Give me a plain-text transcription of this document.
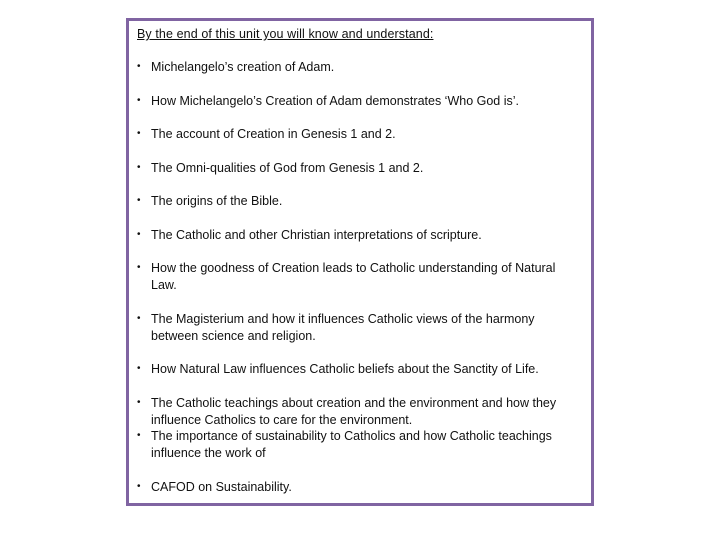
By the end of this unit you will know and understand:
• Michelangelo’s creation of Adam.
• How Michelangelo’s Creation of Adam demonstrates ‘Who God is’.
• The account of Creation in Genesis 1 and 2.
• The Omni-qualities of God from Genesis 1 and 2.
• The origins of the Bible.
• The Catholic and other Christian interpretations of scripture.
• How the goodness of Creation leads to Catholic understanding of Natural Law.
• The Magisterium and how it influences Catholic views of the harmony between science and religion.
• How Natural Law influences Catholic beliefs about the Sanctity of Life.
• The Catholic teachings about creation and the environment and how they influence Catholics to care for the environment.
• The importance of sustainability to Catholics and how Catholic teachings influence the work of
• CAFOD on Sustainability.
